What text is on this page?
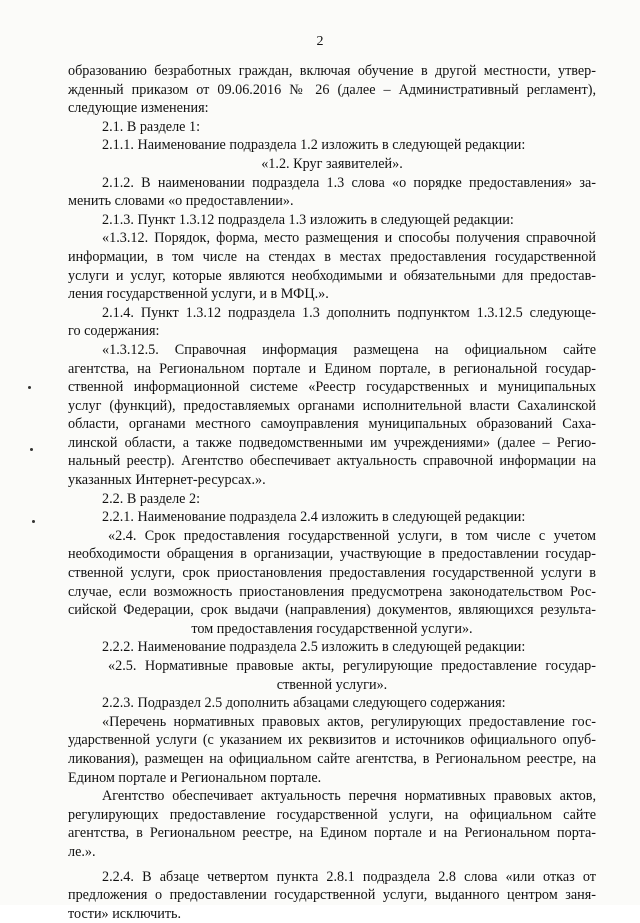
2
образованию безработных граждан, включая обучение в другой местности, утвер-
жденный приказом от 09.06.2016 № 26 (далее – Административный регламент),
следующие изменения:
2.1. В разделе 1:
2.1.1. Наименование подраздела 1.2 изложить в следующей редакции:
«1.2. Круг заявителей».
2.1.2. В наименовании подраздела 1.3 слова «о порядке предоставления» за-
менить словами «о предоставлении».
2.1.3. Пункт 1.3.12 подраздела 1.3 изложить в следующей редакции:
«1.3.12. Порядок, форма, место размещения и способы получения справочной
информации, в том числе на стендах в местах предоставления государственной
услуги и услуг, которые являются необходимыми и обязательными для предостав-
ления государственной услуги, и в МФЦ.».
2.1.4. Пункт 1.3.12 подраздела 1.3 дополнить подпунктом 1.3.12.5 следующе-
го содержания:
«1.3.12.5. Справочная информация размещена на официальном сайте
агентства, на Региональном портале и Едином портале, в региональной государ-
ственной информационной системе «Реестр государственных и муниципальных
услуг (функций), предоставляемых органами исполнительной власти Сахалинской
области, органами местного самоуправления муниципальных образований Саха-
линской области, а также подведомственными им учреждениями» (далее – Регио-
нальный реестр). Агентство обеспечивает актуальность справочной информации на
указанных Интернет-ресурсах.».
2.2. В разделе 2:
2.2.1. Наименование подраздела 2.4 изложить в следующей редакции:
«2.4. Срок предоставления государственной услуги, в том числе с учетом
необходимости обращения в организации, участвующие в предоставлении государ-
ственной услуги, срок приостановления предоставления государственной услуги в
случае, если возможность приостановления предусмотрена законодательством Рос-
сийской Федерации, срок выдачи (направления) документов, являющихся результа-
том предоставления государственной услуги».
2.2.2. Наименование подраздела 2.5 изложить в следующей редакции:
«2.5. Нормативные правовые акты, регулирующие предоставление государ-
ственной услуги».
2.2.3. Подраздел 2.5 дополнить абзацами следующего содержания:
«Перечень нормативных правовых актов, регулирующих предоставление гос-
ударственной услуги (с указанием их реквизитов и источников официального опуб-
ликования), размещен на официальном сайте агентства, в Региональном реестре, на
Едином портале и Региональном портале.
Агентство обеспечивает актуальность перечня нормативных правовых актов,
регулирующих предоставление государственной услуги, на официальном сайте
агентства, в Региональном реестре, на Едином портале и на Региональном порта-
ле.».
2.2.4. В абзаце четвертом пункта 2.8.1 подраздела 2.8 слова «или отказ от
предложения о предоставлении государственной услуги, выданного центром заня-
тости» исключить.
